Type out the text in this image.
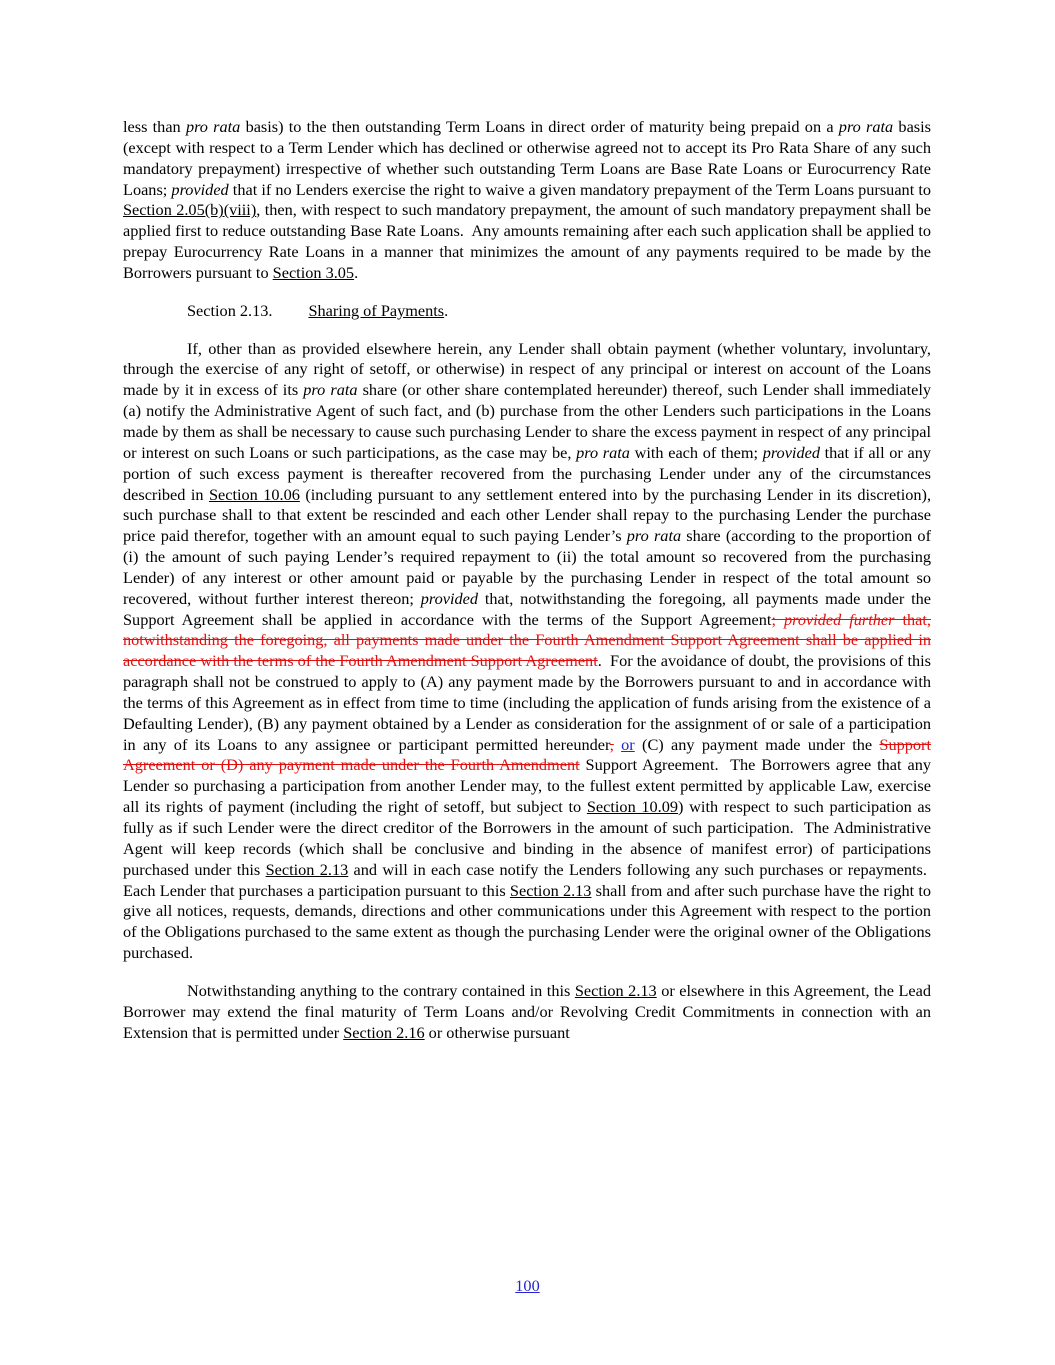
less than pro rata basis) to the then outstanding Term Loans in direct order of maturity being prepaid on a pro rata basis (except with respect to a Term Lender which has declined or otherwise agreed not to accept its Pro Rata Share of any such mandatory prepayment) irrespective of whether such outstanding Term Loans are Base Rate Loans or Eurocurrency Rate Loans; provided that if no Lenders exercise the right to waive a given mandatory prepayment of the Term Loans pursuant to Section 2.05(b)(viii), then, with respect to such mandatory prepayment, the amount of such mandatory prepayment shall be applied first to reduce outstanding Base Rate Loans.  Any amounts remaining after each such application shall be applied to prepay Eurocurrency Rate Loans in a manner that minimizes the amount of any payments required to be made by the Borrowers pursuant to Section 3.05.

Section 2.13. Sharing of Payments.

If, other than as provided elsewhere herein, any Lender shall obtain payment (whether voluntary, involuntary, through the exercise of any right of setoff, or otherwise) in respect of any principal or interest on account of the Loans made by it in excess of its pro rata share (or other share contemplated hereunder) thereof, such Lender shall immediately (a) notify the Administrative Agent of such fact, and (b) purchase from the other Lenders such participations in the Loans made by them as shall be necessary to cause such purchasing Lender to share the excess payment in respect of any principal or interest on such Loans or such participations, as the case may be, pro rata with each of them; provided that if all or any portion of such excess payment is thereafter recovered from the purchasing Lender under any of the circumstances described in Section 10.06 (including pursuant to any settlement entered into by the purchasing Lender in its discretion), such purchase shall to that extent be rescinded and each other Lender shall repay to the purchasing Lender the purchase price paid therefor, together with an amount equal to such paying Lender’s pro rata share (according to the proportion of (i) the amount of such paying Lender’s required repayment to (ii) the total amount so recovered from the purchasing Lender) of any interest or other amount paid or payable by the purchasing Lender in respect of the total amount so recovered, without further interest thereon; provided that, notwithstanding the foregoing, all payments made under the Support Agreement shall be applied in accordance with the terms of the Support Agreement; provided further that, notwithstanding the foregoing, all payments made under the Fourth Amendment Support Agreement shall be applied in accordance with the terms of the Fourth Amendment Support Agreement.  For the avoidance of doubt, the provisions of this paragraph shall not be construed to apply to (A) any payment made by the Borrowers pursuant to and in accordance with the terms of this Agreement as in effect from time to time (including the application of funds arising from the existence of a Defaulting Lender), (B) any payment obtained by a Lender as consideration for the assignment of or sale of a participation in any of its Loans to any assignee or participant permitted hereunder, or (C) any payment made under the Support Agreement or (D) any payment made under the Fourth Amendment Support Agreement.  The Borrowers agree that any Lender so purchasing a participation from another Lender may, to the fullest extent permitted by applicable Law, exercise all its rights of payment (including the right of setoff, but subject to Section 10.09) with respect to such participation as fully as if such Lender were the direct creditor of the Borrowers in the amount of such participation.  The Administrative Agent will keep records (which shall be conclusive and binding in the absence of manifest error) of participations purchased under this Section 2.13 and will in each case notify the Lenders following any such purchases or repayments.  Each Lender that purchases a participation pursuant to this Section 2.13 shall from and after such purchase have the right to give all notices, requests, demands, directions and other communications under this Agreement with respect to the portion of the Obligations purchased to the same extent as though the purchasing Lender were the original owner of the Obligations purchased.

Notwithstanding anything to the contrary contained in this Section 2.13 or elsewhere in this Agreement, the Lead Borrower may extend the final maturity of Term Loans and/or Revolving Credit Commitments in connection with an Extension that is permitted under Section 2.16 or otherwise pursuant

100
